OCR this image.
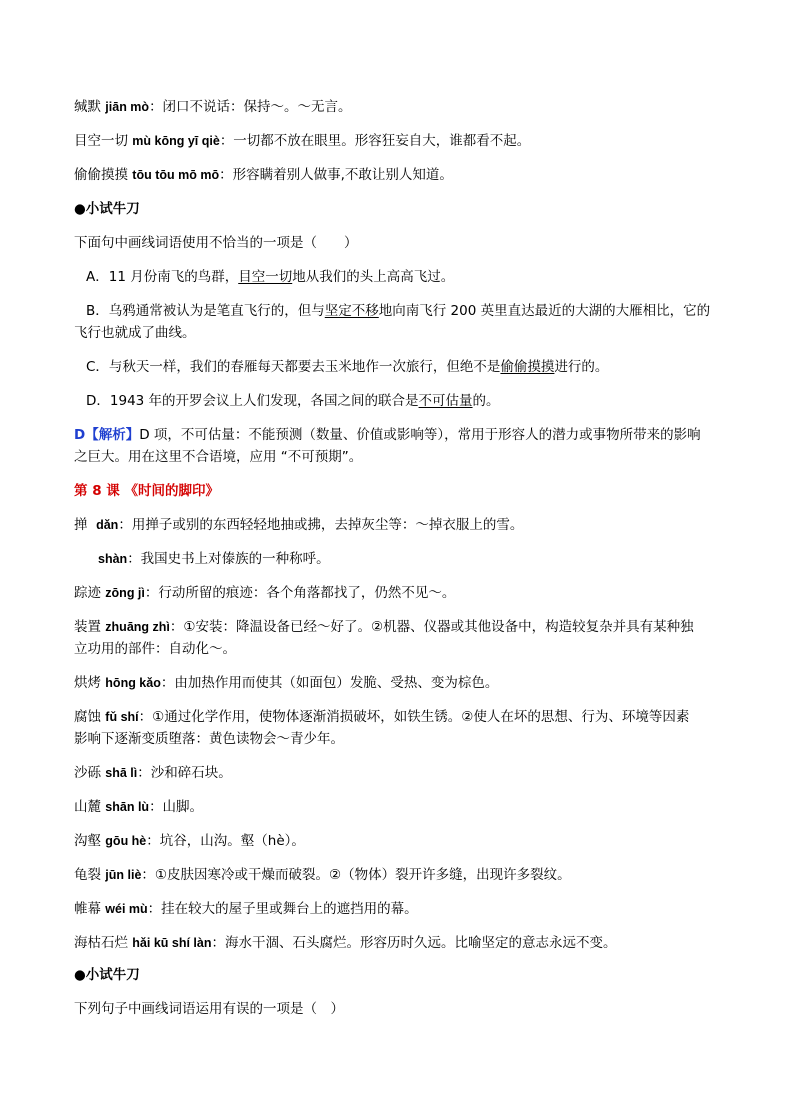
缄默 jiān mò：闭口不说话：保持～。～无言。
目空一切 mù kōng yī qiè：一切都不放在眼里。形容狂妄自大，谁都看不起。
偷偷摸摸 tōu tōu mō mō：形容瞒着别人做事,不敢让别人知道。
●小试牛刀
下面句中画线词语使用不恰当的一项是（　　）
A．11 月份南飞的鸟群，目空一切地从我们的头上高高飞过。
B．乌鸦通常被认为是笔直飞行的，但与坚定不移地向南飞行 200 英里直达最近的大湖的大雁相比，它的
飞行也就成了曲线。
C．与秋天一样，我们的春雁每天都要去玉米地作一次旅行，但绝不是偷偷摸摸进行的。
D．1943 年的开罗会议上人们发现，各国之间的联合是不可估量的。
D【解析】D 项，不可估量：不能预测（数量、价值或影响等），常用于形容人的潜力或事物所带来的影响
之巨大。用在这里不合语境，应用 “不可预期”。
第 8 课 《时间的脚印》
掸 dǎn：用掸子或别的东西轻轻地抽或拂，去掉灰尘等：～掉衣服上的雪。
shàn：我国史书上对傣族的一种称呼。
踪迹 zōng jì：行动所留的痕迹：各个角落都找了，仍然不见～。
装置 zhuāng zhì：①安装：降温设备已经～好了。②机器、仪器或其他设备中，构造较复杂并具有某种独
立功用的部件：自动化～。
烘烤 hōng kǎo：由加热作用而使其（如面包）发脆、受热、变为棕色。
腐蚀 fǔ shí：①通过化学作用，使物体逐渐消损破坏，如铁生锈。②使人在坏的思想、行为、环境等因素
影响下逐渐变质堕落：黄色读物会～青少年。
沙砾 shā lì：沙和碎石块。
山麓 shān lù：山脚。
沟壑 gōu hè：坑谷，山沟。壑（hè）。
龟裂 jūn liè：①皮肤因寒冷或干燥而破裂。②（物体）裂开许多缝，出现许多裂纹。
帷幕 wéi mù：挂在较大的屋子里或舞台上的遮挡用的幕。
海枯石烂 hǎi kū shí làn：海水干涸、石头腐烂。形容历时久远。比喻坚定的意志永远不变。
●小试牛刀
下列句子中画线词语运用有误的一项是（　）
